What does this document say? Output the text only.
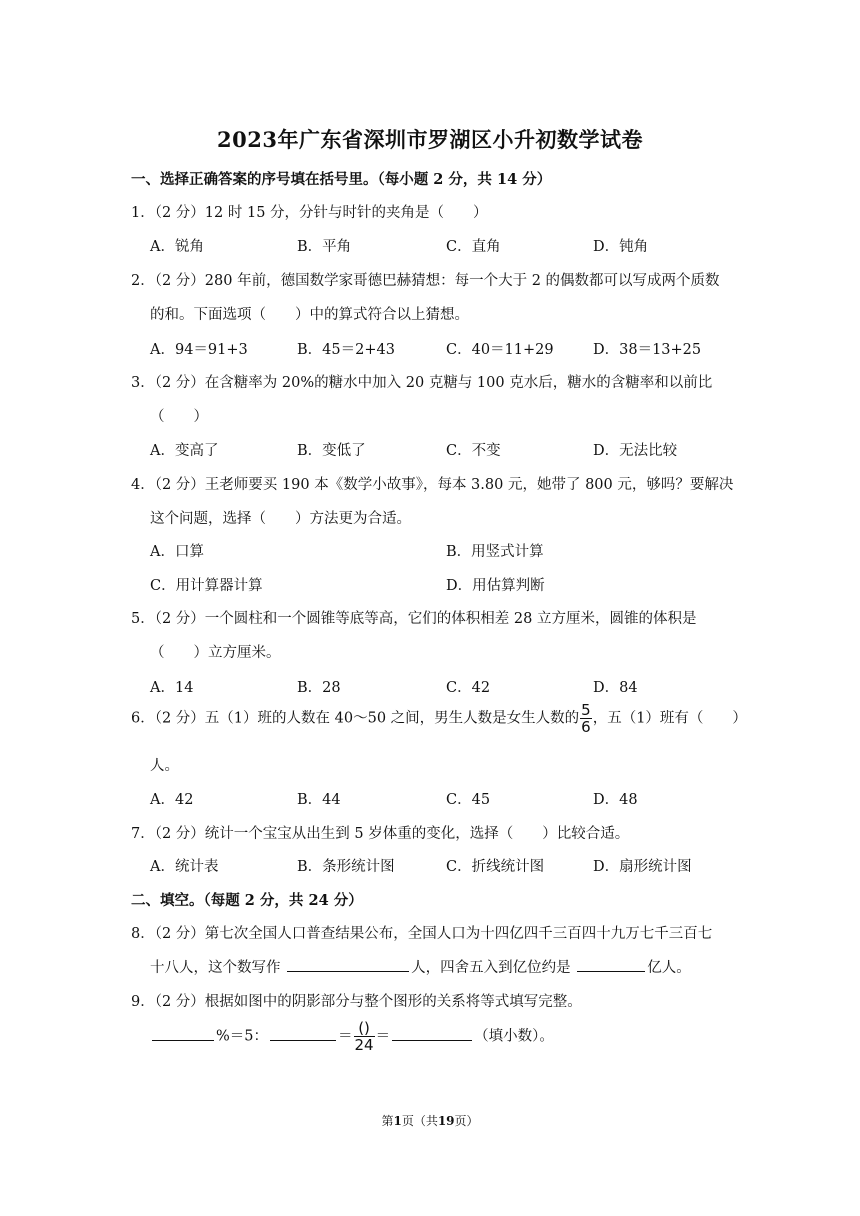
2023年广东省深圳市罗湖区小升初数学试卷
一、选择正确答案的序号填在括号里。（每小题 2 分，共 14 分）
1．（2 分）12 时 15 分，分针与时针的夹角是（　　）
A．锐角	B．平角	C．直角	D．钝角
2．（2 分）280 年前，德国数学家哥德巴赫猜想：每一个大于 2 的偶数都可以写成两个质数
的和。下面选项（　　）中的算式符合以上猜想。
A．94＝91+3	B．45＝2+43	C．40＝11+29	D．38＝13+25
3．（2 分）在含糖率为 20%的糖水中加入 20 克糖与 100 克水后，糖水的含糖率和以前比
（　　）
A．变高了	B．变低了	C．不变	D．无法比较
4．（2 分）王老师要买 190 本《数学小故事》，每本 3.80 元，她带了 800 元，够吗？要解决
这个问题，选择（　　）方法更为合适。
A．口算	B．用竖式计算
C．用计算器计算	D．用估算判断
5．（2 分）一个圆柱和一个圆锥等底等高，它们的体积相差 28 立方厘米，圆锥的体积是
（　　）立方厘米。
A．14	B．28	C．42	D．84
6．（2 分）五（1）班的人数在 40～50 之间，男生人数是女生人数的 $\frac{5}{6}$ ，五（1）班有（　　）
人。
A．42	B．44	C．45	D．48
7．（2 分）统计一个宝宝从出生到 5 岁体重的变化，选择（　　）比较合适。
A．统计表	B．条形统计图	C．折线统计图	D．扇形统计图
二、填空。（每题 2 分，共 24 分）
8．（2 分）第七次全国人口普查结果公布，全国人口为十四亿四千三百四十九万七千三百七
十八人，这个数写作	人，四舍五入到亿位约是	亿人。
9．（2 分）根据如图中的阴影部分与整个图形的关系将等式填写完整。
%＝5：	＝ $\frac{()}{24}$ ＝	（填小数）。
第1页（共19页）
